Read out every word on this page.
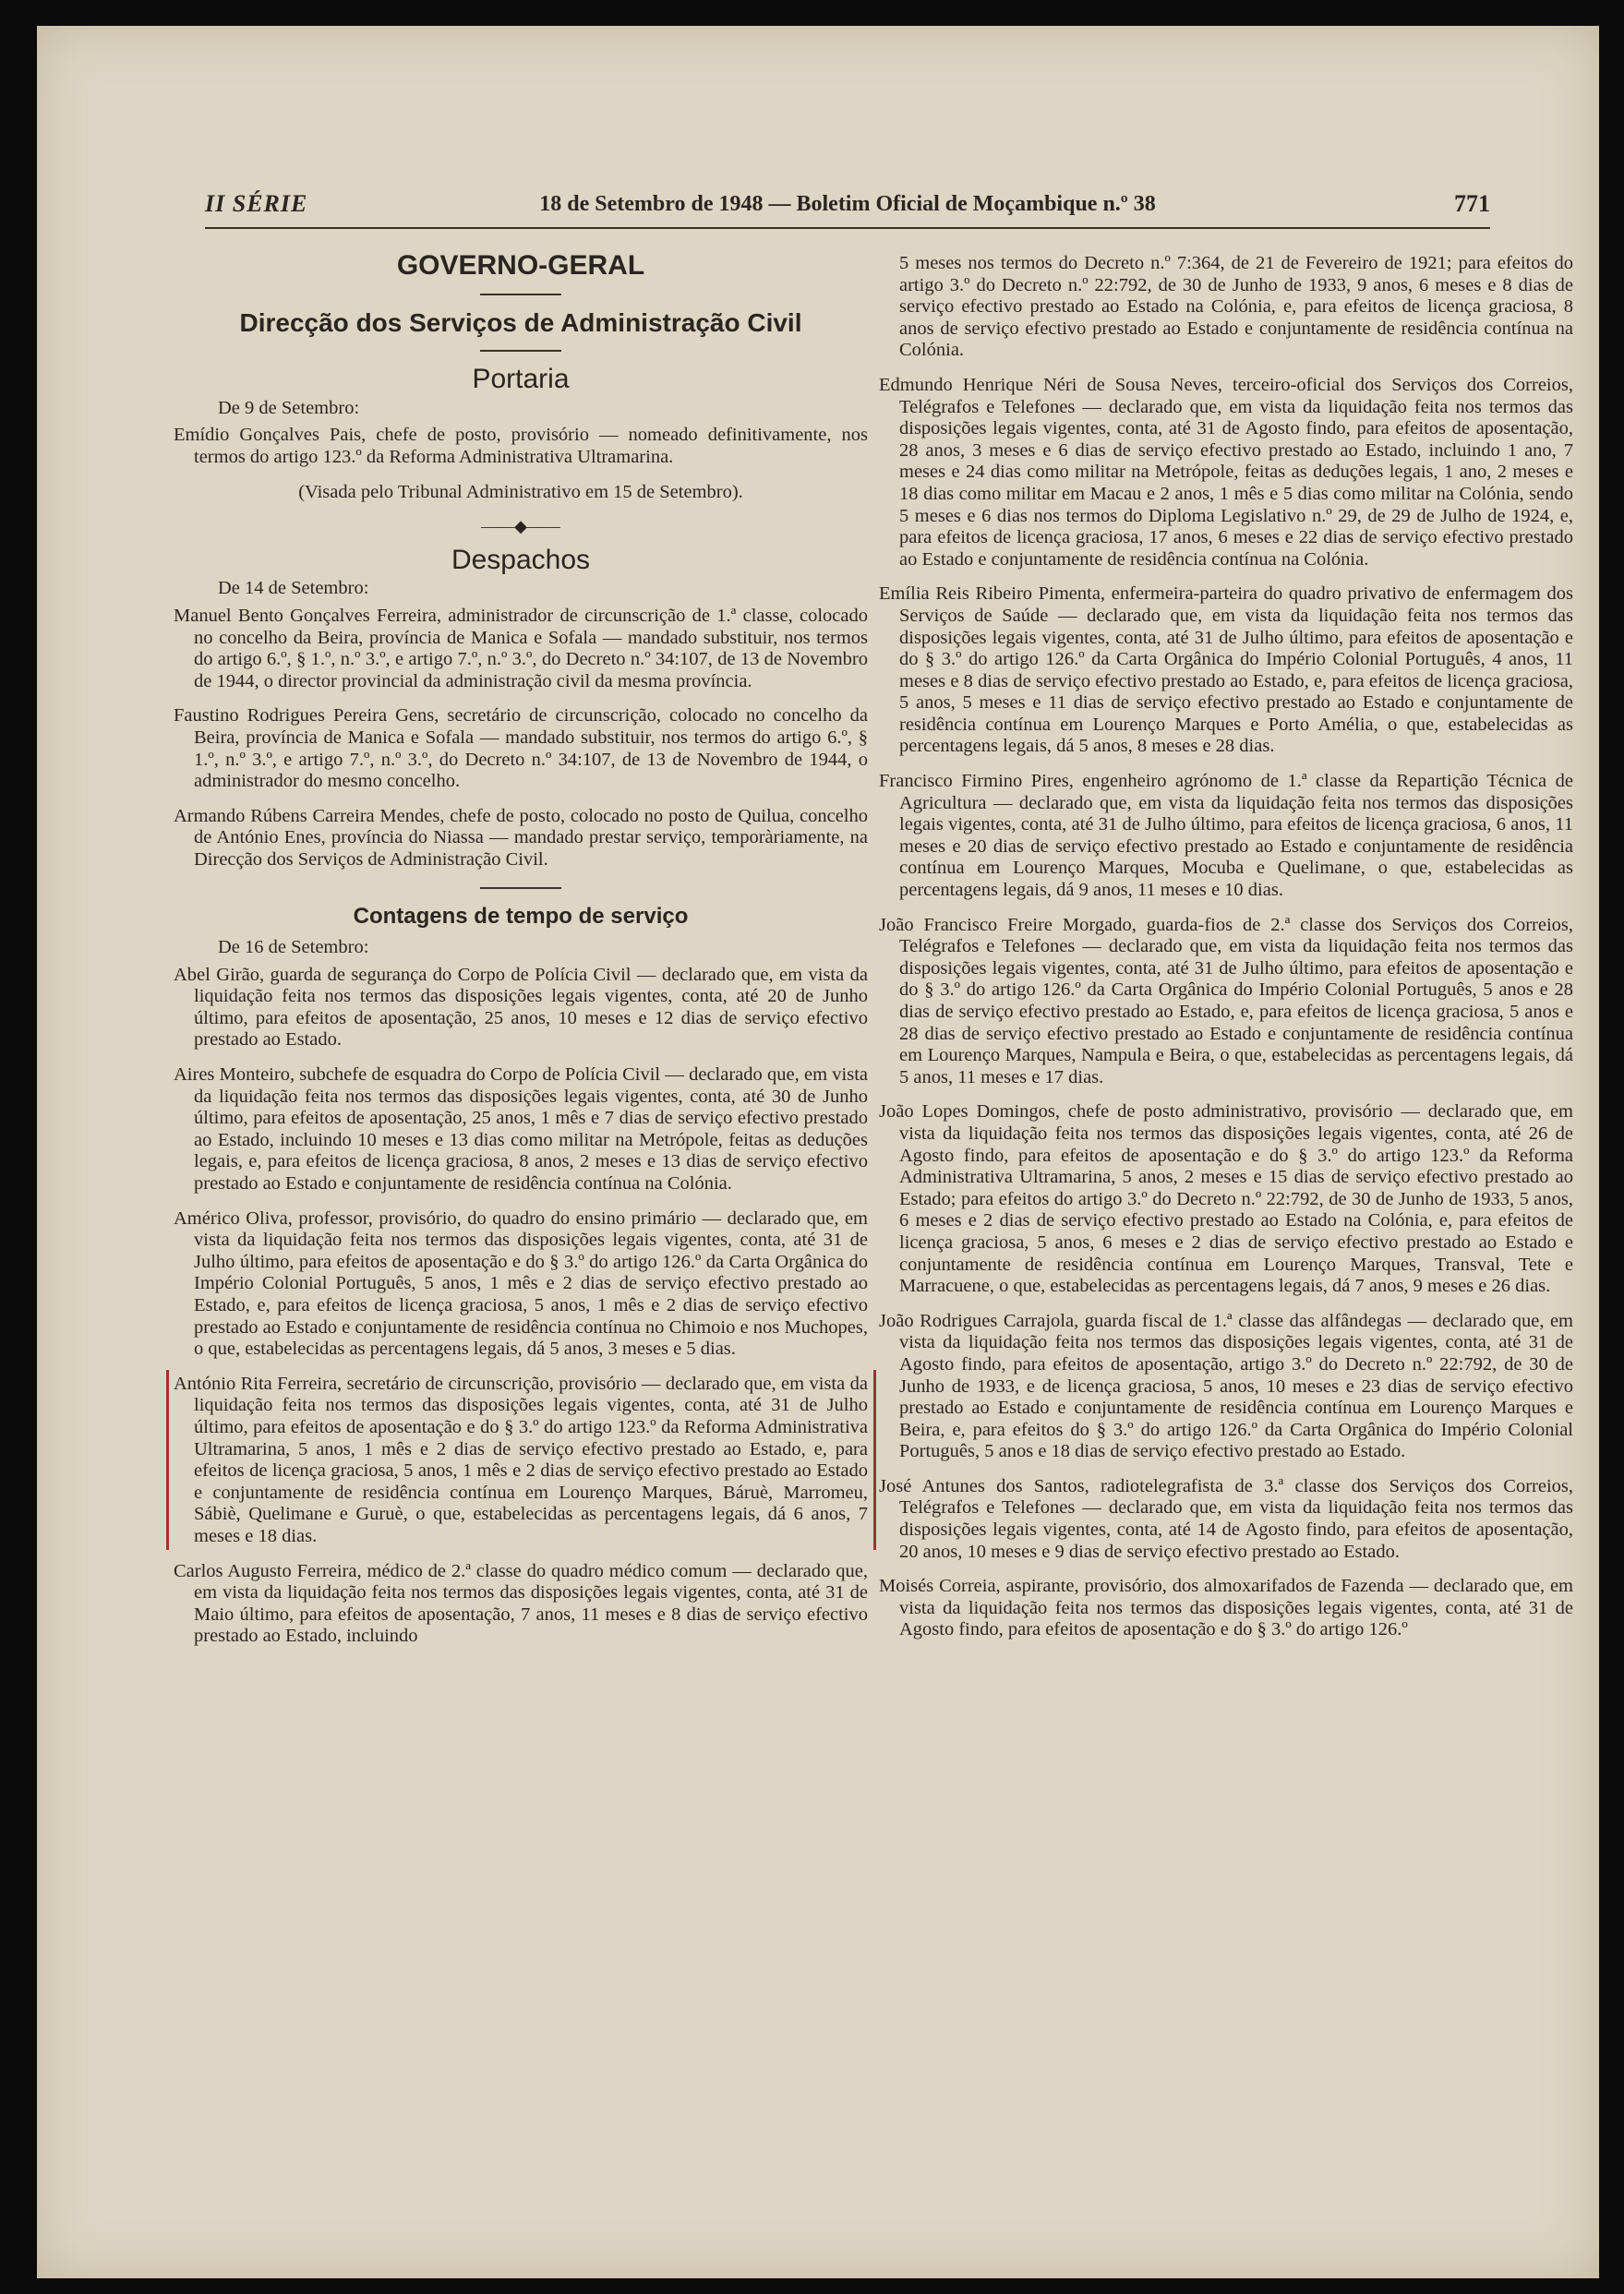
II SÉRIE	18 de Setembro de 1948 — Boletim Oficial de Moçambique n.º 38	771
GOVERNO-GERAL
Direcção dos Serviços de Administração Civil
Portaria
De 9 de Setembro:

Emídio Gonçalves Pais, chefe de posto, provisório — nomeado definitivamente, nos termos do artigo 123.º da Reforma Administrativa Ultramarina.

(Visada pelo Tribunal Administrativo em 15 de Setembro).
——◆——
Despachos
De 14 de Setembro:

Manuel Bento Gonçalves Ferreira, administrador de circunscrição de 1.ª classe, colocado no concelho da Beira, província de Manica e Sofala — mandado substituir, nos termos do artigo 6.º, § 1.º, n.º 3.º, e artigo 7.º, n.º 3.º, do Decreto n.º 34:107, de 13 de Novembro de 1944, o director provincial da administração civil da mesma província.

Faustino Rodrigues Pereira Gens, secretário de circunscrição, colocado no concelho da Beira, província de Manica e Sofala — mandado substituir, nos termos do artigo 6.º, § 1.º, n.º 3.º, e artigo 7.º, n.º 3.º, do Decreto n.º 34:107, de 13 de Novembro de 1944, o administrador do mesmo concelho.

Armando Rúbens Carreira Mendes, chefe de posto, colocado no posto de Quilua, concelho de António Enes, província do Niassa — mandado prestar serviço, temporàriamente, na Direcção dos Serviços de Administração Civil.

Contagens de tempo de serviço
De 16 de Setembro:

Abel Girão, guarda de segurança do Corpo de Polícia Civil — declarado que, em vista da liquidação feita nos termos das disposições legais vigentes, conta, até 20 de Junho último, para efeitos de aposentação, 25 anos, 10 meses e 12 dias de serviço efectivo prestado ao Estado.

Aires Monteiro, subchefe de esquadra do Corpo de Polícia Civil — declarado que, em vista da liquidação feita nos termos das disposições legais vigentes, conta, até 30 de Junho último, para efeitos de aposentação, 25 anos, 1 mês e 7 dias de serviço efectivo prestado ao Estado, incluindo 10 meses e 13 dias como militar na Metrópole, feitas as deduções legais, e, para efeitos de licença graciosa, 8 anos, 2 meses e 13 dias de serviço efectivo prestado ao Estado e conjuntamente de residência contínua na Colónia.

Américo Oliva, professor, provisório, do quadro do ensino primário — declarado que, em vista da liquidação feita nos termos das disposições legais vigentes, conta, até 31 de Julho último, para efeitos de aposentação e do § 3.º do artigo 126.º da Carta Orgânica do Império Colonial Português, 5 anos, 1 mês e 2 dias de serviço efectivo prestado ao Estado, e, para efeitos de licença graciosa, 5 anos, 1 mês e 2 dias de serviço efectivo prestado ao Estado e conjuntamente de residência contínua no Chimoio e nos Muchopes, o que, estabelecidas as percentagens legais, dá 5 anos, 3 meses e 5 dias.

António Rita Ferreira, secretário de circunscrição, provisório — declarado que, em vista da liquidação feita nos termos das disposições legais vigentes, conta, até 31 de Julho último, para efeitos de aposentação e do § 3.º do artigo 123.º da Reforma Administrativa Ultramarina, 5 anos, 1 mês e 2 dias de serviço efectivo prestado ao Estado, e, para efeitos de licença graciosa, 5 anos, 1 mês e 2 dias de serviço efectivo prestado ao Estado e conjuntamente de residência contínua em Lourenço Marques, Báruè, Marromeu, Sábiè, Quelimane e Guruè, o que, estabelecidas as percentagens legais, dá 6 anos, 7 meses e 18 dias.

Carlos Augusto Ferreira, médico de 2.ª classe do quadro médico comum — declarado que, em vista da liquidação feita nos termos das disposições legais vigentes, conta, até 31 de Maio último, para efeitos de aposentação, 7 anos, 11 meses e 8 dias de serviço efectivo prestado ao Estado, incluindo

5 meses nos termos do Decreto n.º 7:364, de 21 de Fevereiro de 1921; para efeitos do artigo 3.º do Decreto n.º 22:792, de 30 de Junho de 1933, 9 anos, 6 meses e 8 dias de serviço efectivo prestado ao Estado na Colónia, e, para efeitos de licença graciosa, 8 anos de serviço efectivo prestado ao Estado e conjuntamente de residência contínua na Colónia.

Edmundo Henrique Néri de Sousa Neves, terceiro-oficial dos Serviços dos Correios, Telégrafos e Telefones — declarado que, em vista da liquidação feita nos termos das disposições legais vigentes, conta, até 31 de Agosto findo, para efeitos de aposentação, 28 anos, 3 meses e 6 dias de serviço efectivo prestado ao Estado, incluindo 1 ano, 7 meses e 24 dias como militar na Metrópole, feitas as deduções legais, 1 ano, 2 meses e 18 dias como militar em Macau e 2 anos, 1 mês e 5 dias como militar na Colónia, sendo 5 meses e 6 dias nos termos do Diploma Legislativo n.º 29, de 29 de Julho de 1924, e, para efeitos de licença graciosa, 17 anos, 6 meses e 22 dias de serviço efectivo prestado ao Estado e conjuntamente de residência contínua na Colónia.

Emília Reis Ribeiro Pimenta, enfermeira-parteira do quadro privativo de enfermagem dos Serviços de Saúde — declarado que, em vista da liquidação feita nos termos das disposições legais vigentes, conta, até 31 de Julho último, para efeitos de aposentação e do § 3.º do artigo 126.º da Carta Orgânica do Império Colonial Português, 4 anos, 11 meses e 8 dias de serviço efectivo prestado ao Estado, e, para efeitos de licença graciosa, 5 anos, 5 meses e 11 dias de serviço efectivo prestado ao Estado e conjuntamente de residência contínua em Lourenço Marques e Porto Amélia, o que, estabelecidas as percentagens legais, dá 5 anos, 8 meses e 28 dias.

Francisco Firmino Pires, engenheiro agrónomo de 1.ª classe da Repartição Técnica de Agricultura — declarado que, em vista da liquidação feita nos termos das disposições legais vigentes, conta, até 31 de Julho último, para efeitos de licença graciosa, 6 anos, 11 meses e 20 dias de serviço efectivo prestado ao Estado e conjuntamente de residência contínua em Lourenço Marques, Mocuba e Quelimane, o que, estabelecidas as percentagens legais, dá 9 anos, 11 meses e 10 dias.

João Francisco Freire Morgado, guarda-fios de 2.ª classe dos Serviços dos Correios, Telégrafos e Telefones — declarado que, em vista da liquidação feita nos termos das disposições legais vigentes, conta, até 31 de Julho último, para efeitos de aposentação e do § 3.º do artigo 126.º da Carta Orgânica do Império Colonial Português, 5 anos e 28 dias de serviço efectivo prestado ao Estado, e, para efeitos de licença graciosa, 5 anos e 28 dias de serviço efectivo prestado ao Estado e conjuntamente de residência contínua em Lourenço Marques, Nampula e Beira, o que, estabelecidas as percentagens legais, dá 5 anos, 11 meses e 17 dias.

João Lopes Domingos, chefe de posto administrativo, provisório — declarado que, em vista da liquidação feita nos termos das disposições legais vigentes, conta, até 26 de Agosto findo, para efeitos de aposentação e do § 3.º do artigo 123.º da Reforma Administrativa Ultramarina, 5 anos, 2 meses e 15 dias de serviço efectivo prestado ao Estado; para efeitos do artigo 3.º do Decreto n.º 22:792, de 30 de Junho de 1933, 5 anos, 6 meses e 2 dias de serviço efectivo prestado ao Estado na Colónia, e, para efeitos de licença graciosa, 5 anos, 6 meses e 2 dias de serviço efectivo prestado ao Estado e conjuntamente de residência contínua em Lourenço Marques, Transval, Tete e Marracuene, o que, estabelecidas as percentagens legais, dá 7 anos, 9 meses e 26 dias.

João Rodrigues Carrajola, guarda fiscal de 1.ª classe das alfândegas — declarado que, em vista da liquidação feita nos termos das disposições legais vigentes, conta, até 31 de Agosto findo, para efeitos de aposentação, artigo 3.º do Decreto n.º 22:792, de 30 de Junho de 1933, e de licença graciosa, 5 anos, 10 meses e 23 dias de serviço efectivo prestado ao Estado e conjuntamente de residência contínua em Lourenço Marques e Beira, e, para efeitos do § 3.º do artigo 126.º da Carta Orgânica do Império Colonial Português, 5 anos e 18 dias de serviço efectivo prestado ao Estado.

José Antunes dos Santos, radiotelegrafista de 3.ª classe dos Serviços dos Correios, Telégrafos e Telefones — declarado que, em vista da liquidação feita nos termos das disposições legais vigentes, conta, até 14 de Agosto findo, para efeitos de aposentação, 20 anos, 10 meses e 9 dias de serviço efectivo prestado ao Estado.

Moisés Correia, aspirante, provisório, dos almoxarifados de Fazenda — declarado que, em vista da liquidação feita nos termos das disposições legais vigentes, conta, até 31 de Agosto findo, para efeitos de aposentação e do § 3.º do artigo 126.º
